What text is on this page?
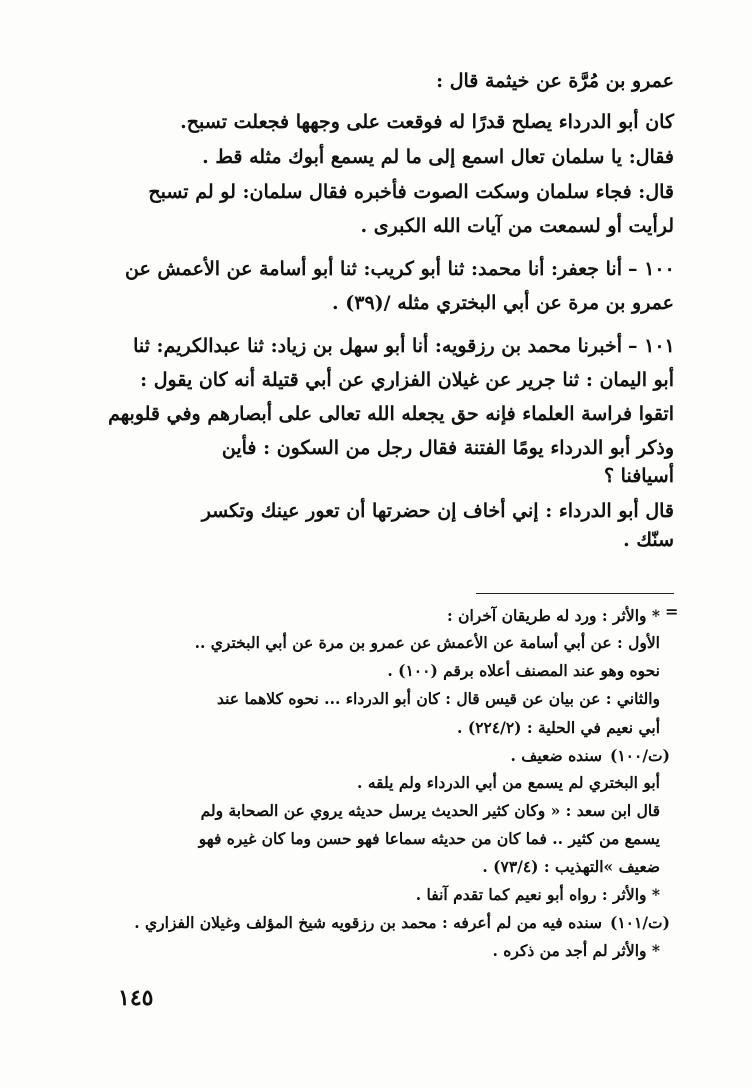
عمرو بن مُرَّة عن خيثمة قال :
كان أبو الدرداء يصلح قدرًا له فوقعت على وجهها فجعلت تسبح.
فقال: يا سلمان تعال اسمع إلى ما لم يسمع أبوك مثله قط .
قال: فجاء سلمان وسكت الصوت فأخبره فقال سلمان: لو لم تسبح
لرأيت أو لسمعت من آيات الله الكبرى .
١٠٠ –
أنا جعفر: أنا محمد: ثنا أبو كريب: ثنا أبو أسامة عن الأعمش عن
عمرو بن مرة عن أبي البختري مثله /(٣٩) .
١٠١ –
أخبرنا محمد بن رزقويه: أنا أبو سهل بن زياد: ثنا عبدالكريم: ثنا
أبو اليمان : ثنا جرير عن غيلان الفزاري عن أبي قتيلة أنه كان يقول :
اتقوا فراسة العلماء فإنه حق يجعله الله تعالى على أبصارهم وفي قلوبهم
وذكر أبو الدرداء يومًا الفتنة فقال رجل من السكون : فأين
أسيافنا ؟
قال أبو الدرداء : إني أخاف إن حضرتها أن تعور عينك وتكسر
سنّك .
=
* والأثر : ورد له طريقان آخران :
الأول : عن أبي أسامة عن الأعمش عن عمرو بن مرة عن أبي البختري ..
نحوه وهو عند المصنف أعلاه برقم (١٠٠) .
والثاني : عن بيان عن قيس قال : كان أبو الدرداء ... نحوه كلاهما عند
أبي نعيم في الحلية : (٢٢٤/٢) .
(ت/١٠٠)
سنده ضعيف .
أبو البختري لم يسمع من أبي الدرداء ولم يلقه .
قال ابن سعد : « وكان كثير الحديث يرسل حديثه يروي عن الصحابة ولم
يسمع من كثير .. فما كان من حديثه سماعا فهو حسن وما كان غيره فهو
ضعيف »التهذيب : (٧٣/٤) .
* والأثر : رواه أبو نعيم كما تقدم آنفا .
(ت/١٠١)
سنده فيه من لم أعرفه : محمد بن رزقويه شيخ المؤلف وغيلان الفزاري .
* والأثر لم أجد من ذكره .
١٤٥
